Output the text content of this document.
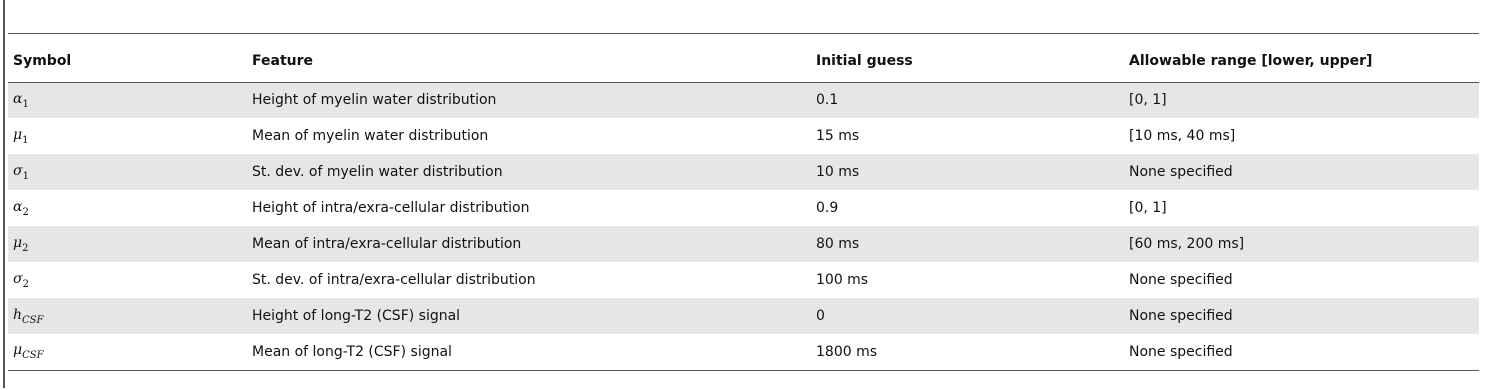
Symbol	Feature	Initial guess	Allowable range [lower, upper]
$\alpha_1$	Height of myelin water distribution	0.1	[0, 1]
$\mu_1$	Mean of myelin water distribution	15 ms	[10 ms, 40 ms]
$\sigma_1$	St. dev. of myelin water distribution	10 ms	None specified
$\alpha_2$	Height of intra/exra-cellular distribution	0.9	[0, 1]
$\mu_2$	Mean of intra/exra-cellular distribution	80 ms	[60 ms, 200 ms]
$\sigma_2$	St. dev. of intra/exra-cellular distribution	100 ms	None specified
$h_{CSF}$	Height of long-T2 (CSF) signal	0	None specified
$\mu_{CSF}$	Mean of long-T2 (CSF) signal	1800 ms	None specified
